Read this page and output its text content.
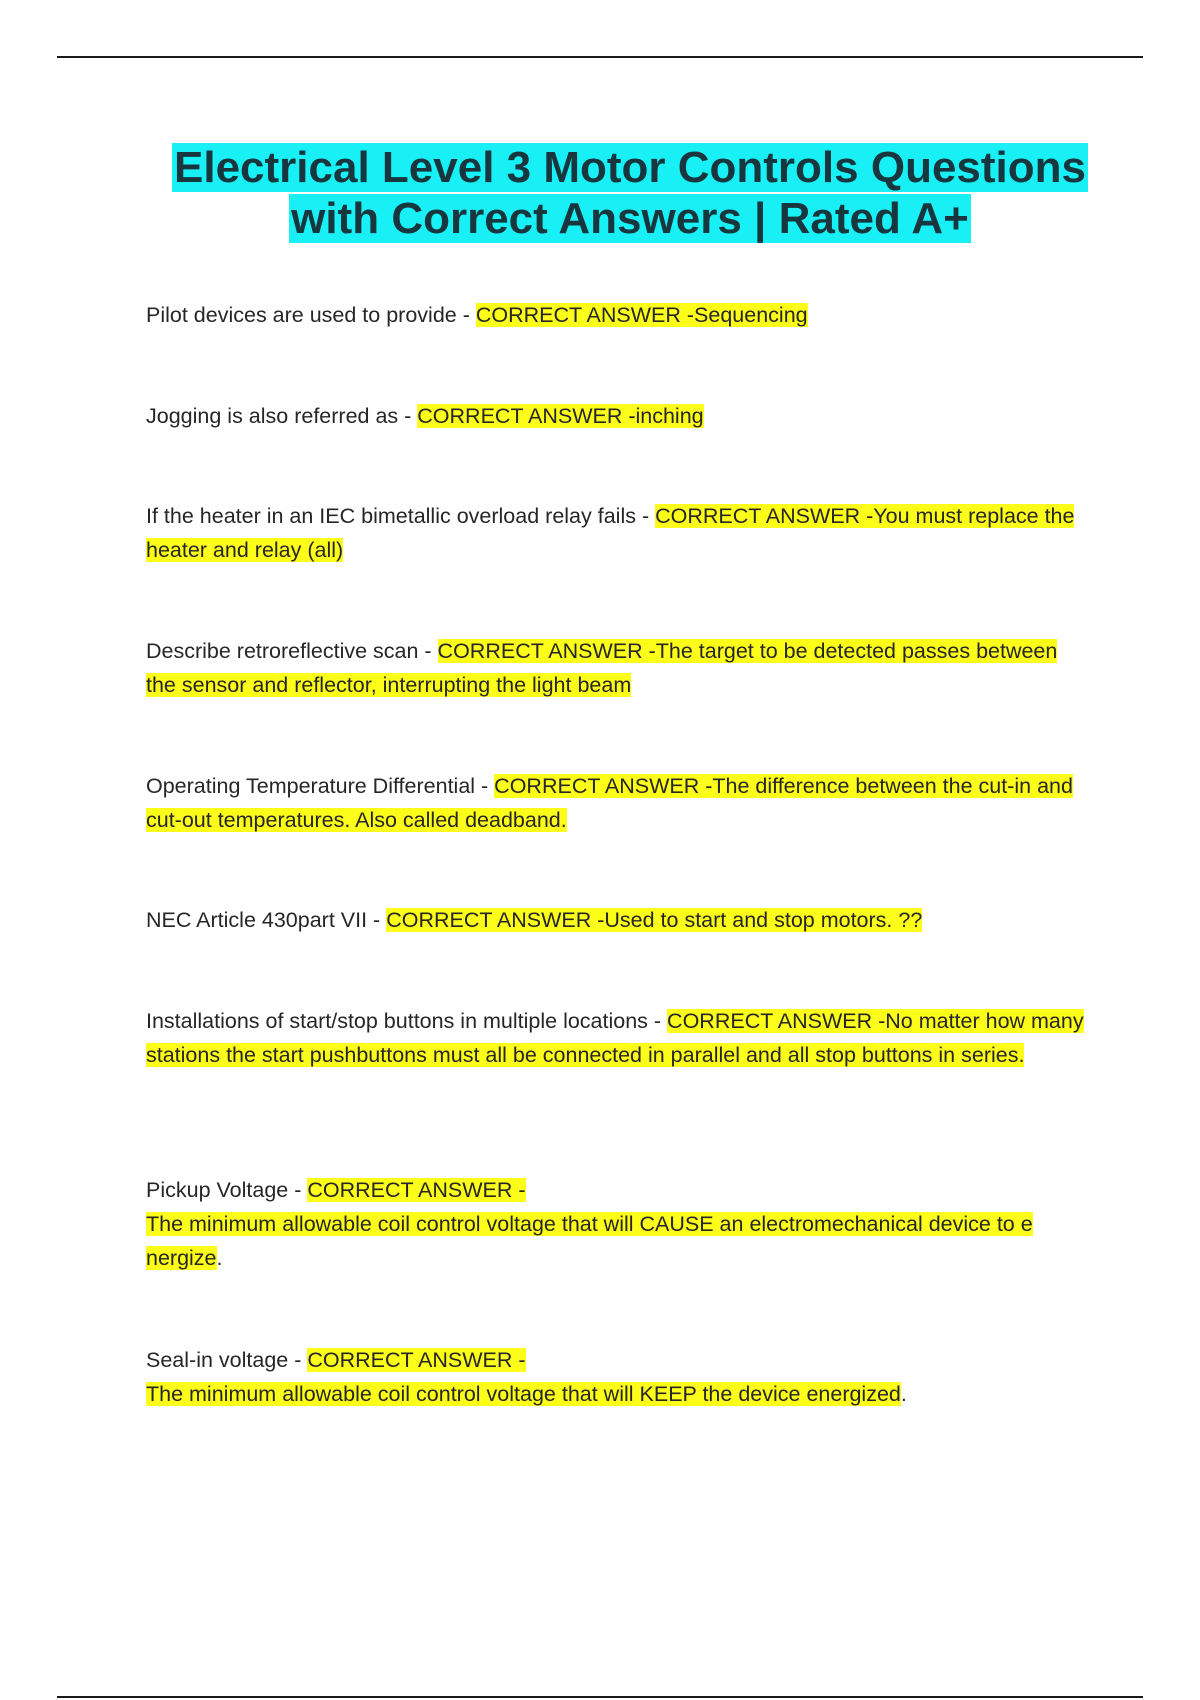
Electrical Level 3 Motor Controls Questions
with Correct Answers | Rated A+

Pilot devices are used to provide - CORRECT ANSWER -Sequencing

Jogging is also referred as - CORRECT ANSWER -inching

If the heater in an IEC bimetallic overload relay fails - CORRECT ANSWER -You must replace the heater and relay (all)

Describe retroreflective scan - CORRECT ANSWER -The target to be detected passes between the sensor and reflector, interrupting the light beam

Operating Temperature Differential - CORRECT ANSWER -The difference between the cut-in and cut-out temperatures. Also called deadband.

NEC Article 430part VII - CORRECT ANSWER -Used to start and stop motors. ??

Installations of start/stop buttons in multiple locations - CORRECT ANSWER -No matter how many stations the start pushbuttons must all be connected in parallel and all stop buttons in series.

Pickup Voltage - CORRECT ANSWER -
The minimum allowable coil control voltage that will CAUSE an electromechanical device to e nergize.

Seal-in voltage - CORRECT ANSWER -
The minimum allowable coil control voltage that will KEEP the device energized.
